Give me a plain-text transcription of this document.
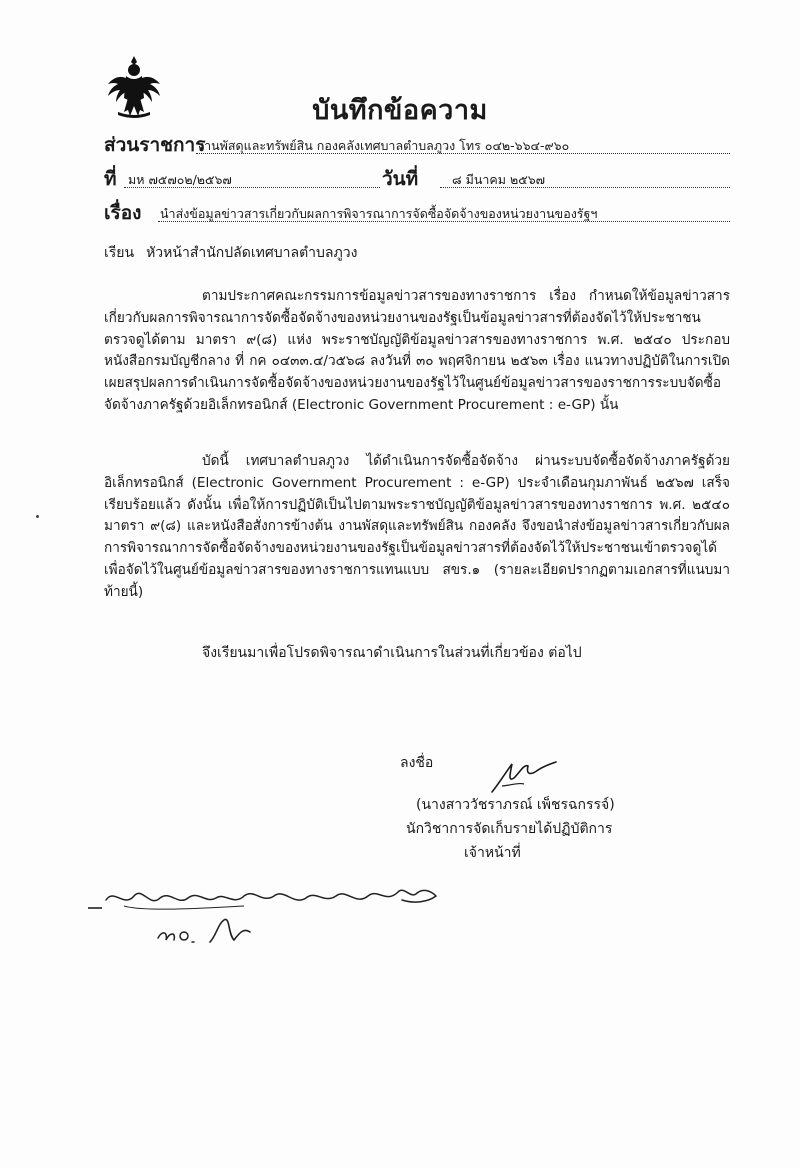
บันทึกข้อความ
ส่วนราชการ
งานพัสดุและทรัพย์สิน กองคลังเทศบาลตำบลภูวง โทร ๐๔๒-๖๖๔-๙๖๐
ที่ มห ๗๕๗๐๒/๒๕๖๗	วันที่	๘ มีนาคม ๒๕๖๗
เรื่อง นำส่งข้อมูลข่าวสารเกี่ยวกับผลการพิจารณาการจัดซื้อจัดจ้างของหน่วยงานของรัฐฯ
เรียน หัวหน้าสำนักปลัดเทศบาลตำบลภูวง
ตามประกาศคณะกรรมการข้อมูลข่าวสารของทางราชการ เรื่อง กำหนดให้ข้อมูลข่าวสารเกี่ยวกับผลการพิจารณาการจัดซื้อจัดจ้างของหน่วยงานของรัฐเป็นข้อมูลข่าวสารที่ต้องจัดไว้ให้ประชาชนตรวจดูได้ตาม มาตรา ๙(๘) แห่ง พระราชบัญญัติข้อมูลข่าวสารของทางราชการ พ.ศ. ๒๕๔๐ ประกอบหนังสือกรมบัญชีกลาง ที่ กค ๐๔๓๓.๔/ว๕๖๘ ลงวันที่ ๓๐ พฤศจิกายน ๒๕๖๓ เรื่อง แนวทางปฏิบัติในการเปิดเผยสรุปผลการดำเนินการจัดซื้อจัดจ้างของหน่วยงานของรัฐไว้ในศูนย์ข้อมูลข่าวสารของราชการระบบจัดซื้อจัดจ้างภาครัฐด้วยอิเล็กทรอนิกส์ (Electronic Government Procurement : e-GP) นั้น
บัดนี้ เทศบาลตำบลภูวง ได้ดำเนินการจัดซื้อจัดจ้าง ผ่านระบบจัดซื้อจัดจ้างภาครัฐด้วยอิเล็กทรอนิกส์ (Electronic Government Procurement : e-GP) ประจำเดือนกุมภาพันธ์ ๒๕๖๗ เสร็จเรียบร้อยแล้ว ดังนั้น เพื่อให้การปฏิบัติเป็นไปตามพระราชบัญญัติข้อมูลข่าวสารของทางราชการ พ.ศ. ๒๕๔๐ มาตรา ๙(๘) และหนังสือสั่งการข้างต้น งานพัสดุและทรัพย์สิน กองคลัง จึงขอนำส่งข้อมูลข่าวสารเกี่ยวกับผลการพิจารณาการจัดซื้อจัดจ้างของหน่วยงานของรัฐเป็นข้อมูลข่าวสารที่ต้องจัดไว้ให้ประชาชนเข้าตรวจดูได้ เพื่อจัดไว้ในศูนย์ข้อมูลข่าวสารของทางราชการแทนแบบ สขร.๑ (รายละเอียดปรากฏตามเอกสารที่แนบมาท้ายนี้)
จึงเรียนมาเพื่อโปรดพิจารณาดำเนินการในส่วนที่เกี่ยวข้อง ต่อไป
ลงชื่อ
(นางสาววัชราภรณ์ เพ็ชรฉกรรจ์)
นักวิชาการจัดเก็บรายได้ปฏิบัติการ
เจ้าหน้าที่
